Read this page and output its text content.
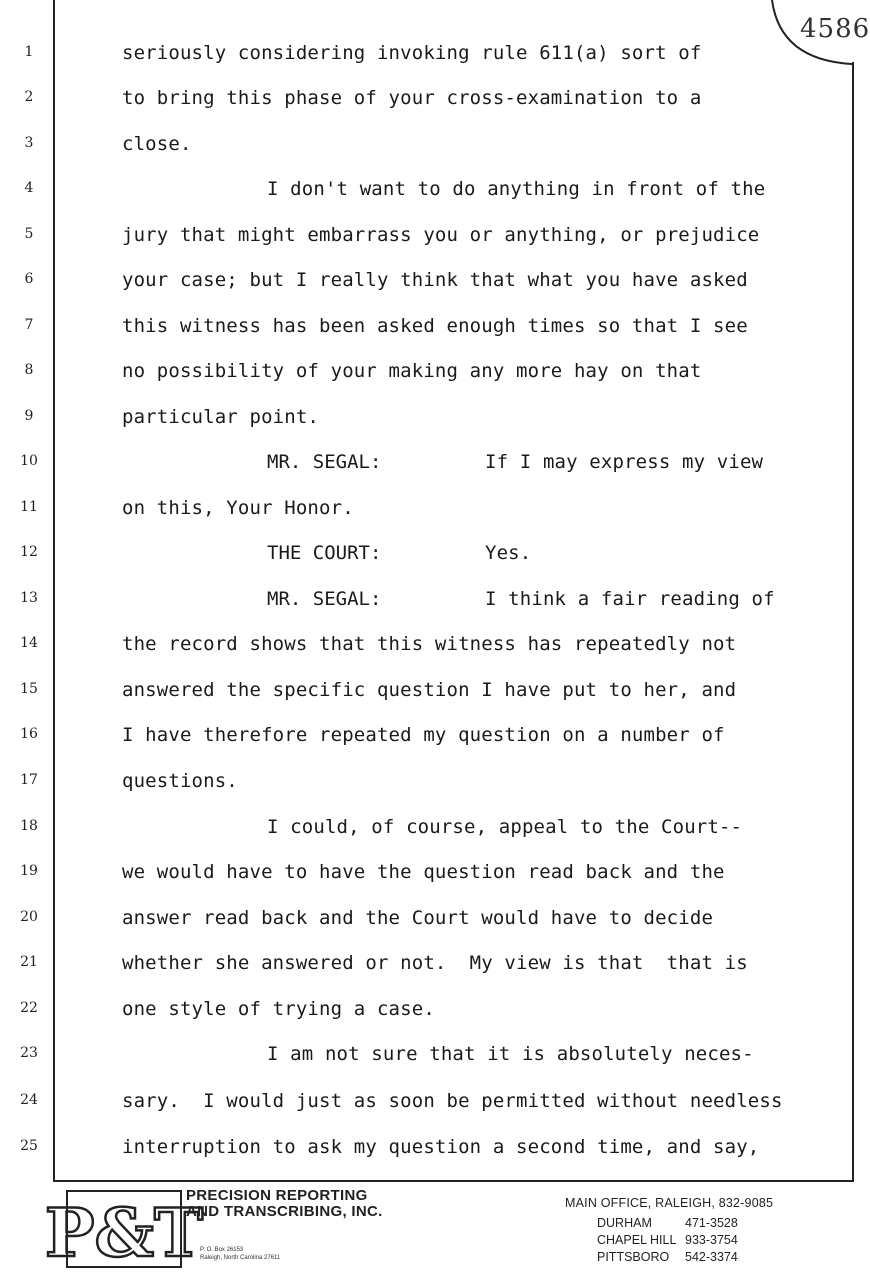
4586
1
2
3
4
5
6
7
8
9
10
11
12
13
14
15
16
17
18
19
20
21
22
23
24
25
seriously considering invoking rule 611(a) sort of
to bring this phase of your cross-examination to a
close.
I don't want to do anything in front of the
jury that might embarrass you or anything, or prejudice
your case; but I really think that what you have asked
this witness has been asked enough times so that I see
no possibility of your making any more hay on that
particular point.
MR. SEGAL:	If I may express my view
on this, Your Honor.
THE COURT:	Yes.
MR. SEGAL:	I think a fair reading of
the record shows that this witness has repeatedly not
answered the specific question I have put to her, and
I have therefore repeated my question on a number of
questions.
I could, of course, appeal to the Court--
we would have to have the question read back and the
answer read back and the Court would have to decide
whether she answered or not.  My view is that  that is
one style of trying a case.
I am not sure that it is absolutely neces-
sary.  I would just as soon be permitted without needless
interruption to ask my question a second time, and say,
P&T
PRECISION REPORTING
AND TRANSCRIBING, INC.
P. O. Box 26153
Raleigh, North Carolina 27611
MAIN OFFICE, RALEIGH, 832-9085
DURHAM	471-3528
CHAPEL HILL 933-3754
PITTSBORO 542-3374
